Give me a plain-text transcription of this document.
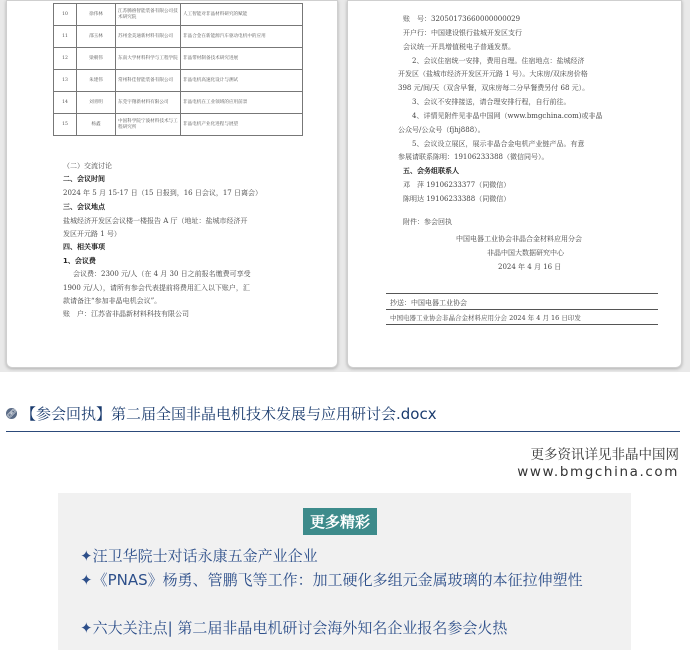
10	徐伟林	江苏腾禧智能装备有限公司技术研究院	人工智能对非晶材料研究的赋能
11	邵玉林	苏州金美通新材料有限公司	非晶合金在新能源汽车驱动电机中的应用
12	梁朝伟	东南大学材料科学与工程学院	非晶带材制备技术研究进展
13	朱建伟	常州科佳智能装备有限公司	非晶电机高速化设计与测试
14	刘青明	东莞宇翔新材料有限公司	非晶电机在工业领域的应用前景
15	杨鑫	中国科学院宁波材料技术与工程研究所	非晶电机产业化进程与展望
（二）交流讨论
二、会议时间
2024 年 5 月 15-17 日（15 日报到，16 日会议，17 日离会）
三、会议地点
盐城经济开发区会议楼一楼报告 A 厅（地址：盐城市经济开
发区开元路 1 号）
四、相关事项
1、会议费
会议费：2300 元/人（在 4 月 30 日之前报名缴费可享受
1900 元/人），请所有参会代表提前将费用汇入以下账户，汇
款请备注“参加非晶电机会议”。
账　户：江苏省非晶新材料科技有限公司
账　号：32050173660000000029
开户行：中国建设银行盐城开发区支行
会议统一开具增值税电子普通发票。
2、会议住宿统一安排，费用自理。住宿地点：盐城经济
开发区（盐城市经济开发区开元路 1 号）。大床房/双床房价格
398 元/间/天（双含早餐，双床房每二分早餐费另付 68 元）。
3、会议不安排接送，请合理安排行程，自行前往。
4、详情见附件见非晶中国网（www.bmgchina.com)或非晶
公众号/公众号（fjhj888）。
5、会议设立展区，展示非晶合金电机产业链产品。有意
参展请联系陈明：19106233388（微信同号）。
五、会务组联系人
邓　萍 19106233377（同微信）
陈明达 19106233388（同微信）
附件：参会回执
中国电器工业协会非晶合金材料应用分会
非晶中国大数据研究中心
2024 年 4 月 16 日
抄送：中国电器工业协会
中国电器工业协会非晶合金材料应用分会 2024 年 4 月 16 日印发
🔗︎ 【参会回执】第二届全国非晶电机技术发展与应用研讨会.docx
更多资讯详见非晶中国网
www.bmgchina.com
更多精彩
✦汪卫华院士对话永康五金产业企业
✦《PNAS》杨勇、管鹏飞等工作：加工硬化多组元金属玻璃的本征拉伸塑性
✦六大关注点| 第二届非晶电机研讨会海外知名企业报名参会火热
